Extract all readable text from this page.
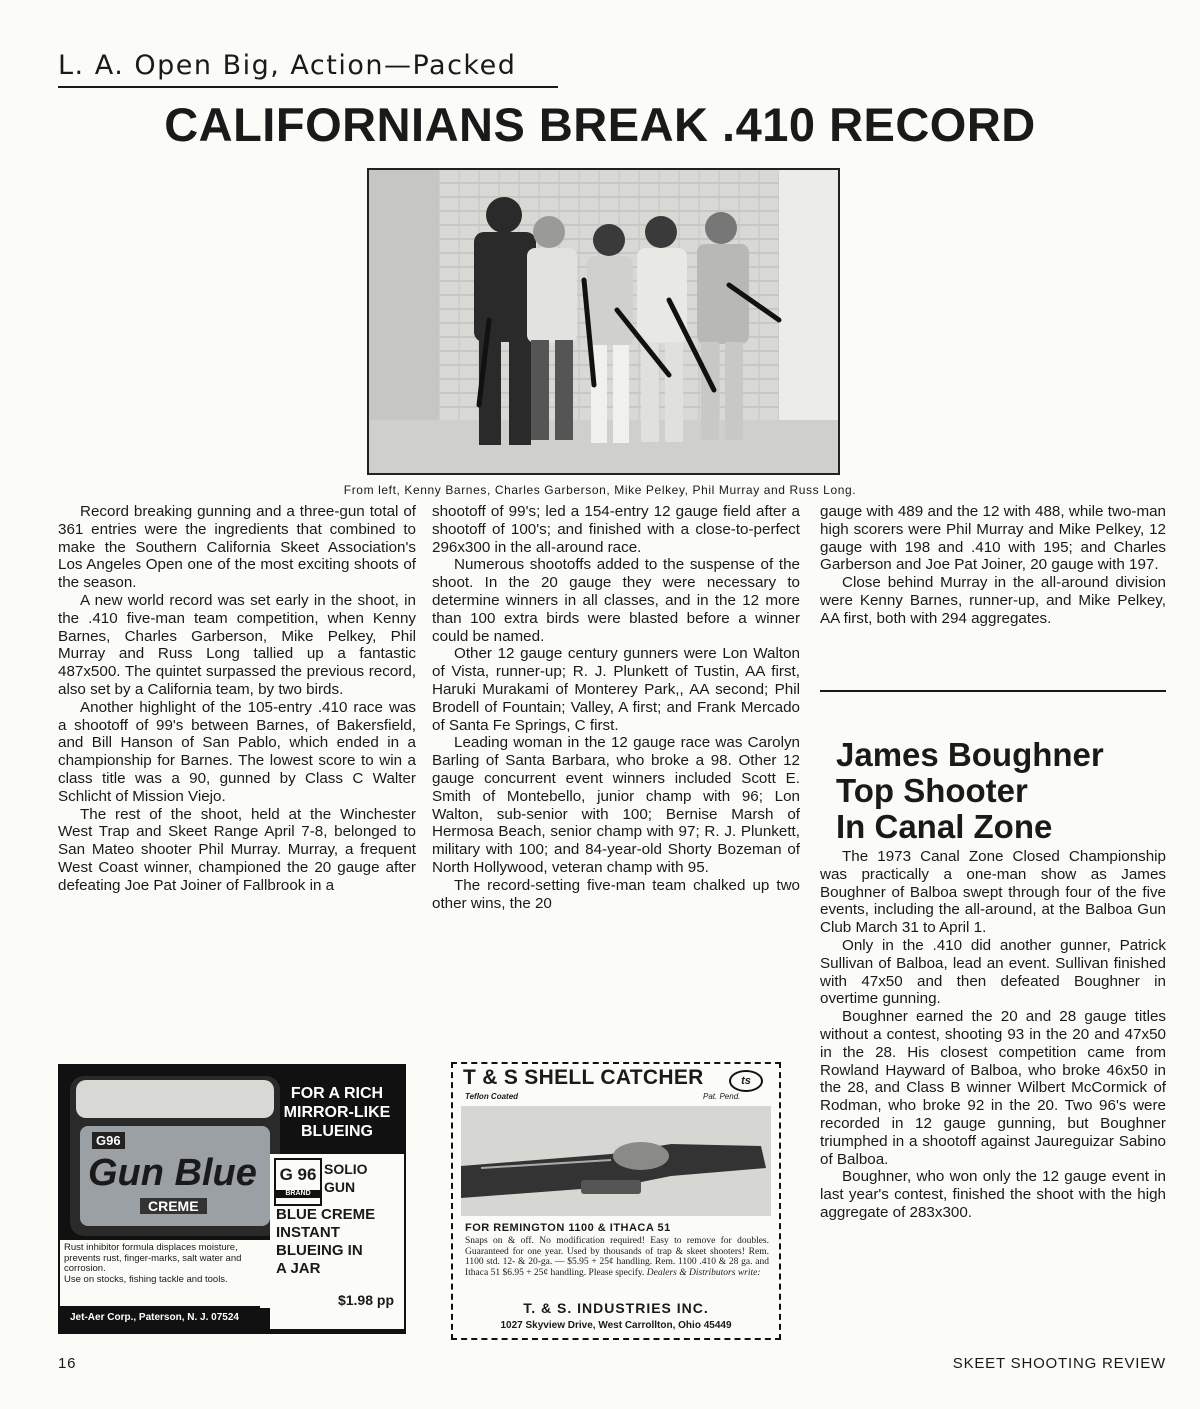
L. A. Open Big, Action—Packed
CALIFORNIANS BREAK .410 RECORD
From left, Kenny Barnes, Charles Garberson, Mike Pelkey, Phil Murray and Russ Long.

Record breaking gunning and a three-gun total of 361 entries were the ingredients that combined to make the Southern California Skeet Association's Los Angeles Open one of the most exciting shoots of the season.

A new world record was set early in the shoot, in the .410 five-man team competition, when Kenny Barnes, Charles Garberson, Mike Pelkey, Phil Murray and Russ Long tallied up a fantastic 487x500. The quintet surpassed the previous record, also set by a California team, by two birds.

Another highlight of the 105-entry .410 race was a shootoff of 99's between Barnes, of Bakersfield, and Bill Hanson of San Pablo, which ended in a championship for Barnes. The lowest score to win a class title was a 90, gunned by Class C Walter Schlicht of Mission Viejo.

The rest of the shoot, held at the Winchester West Trap and Skeet Range April 7-8, belonged to San Mateo shooter Phil Murray. Murray, a frequent West Coast winner, championed the 20 gauge after defeating Joe Pat Joiner of Fallbrook in a

shootoff of 99's; led a 154-entry 12 gauge field after a shootoff of 100's; and finished with a close-to-perfect 296x300 in the all-around race.

Numerous shootoffs added to the suspense of the shoot. In the 20 gauge they were necessary to determine winners in all classes, and in the 12 more than 100 extra birds were blasted before a winner could be named.

Other 12 gauge century gunners were Lon Walton of Vista, runner-up; R. J. Plunkett of Tustin, AA first, Haruki Murakami of Monterey Park,, AA second; Phil Brodell of Fountain; Valley, A first; and Frank Mercado of Santa Fe Springs, C first.

Leading woman in the 12 gauge race was Carolyn Barling of Santa Barbara, who broke a 98. Other 12 gauge concurrent event winners included Scott E. Smith of Montebello, junior champ with 96; Lon Walton, sub-senior with 100; Bernise Marsh of Hermosa Beach, senior champ with 97; R. J. Plunkett, military with 100; and 84-year-old Shorty Bozeman of North Hollywood, veteran champ with 95.

The record-setting five-man team chalked up two other wins, the 20

gauge with 489 and the 12 with 488, while two-man high scorers were Phil Murray and Mike Pelkey, 12 gauge with 198 and .410 with 195; and Charles Garberson and Joe Pat Joiner, 20 gauge with 197.

Close behind Murray in the all-around division were Kenny Barnes, runner-up, and Mike Pelkey, AA first, both with 294 aggregates.

James Boughner
Top Shooter
In Canal Zone

The 1973 Canal Zone Closed Championship was practically a one-man show as James Boughner of Balboa swept through four of the five events, including the all-around, at the Balboa Gun Club March 31 to April 1.

Only in the .410 did another gunner, Patrick Sullivan of Balboa, lead an event. Sullivan finished with 47x50 and then defeated Boughner in overtime gunning.

Boughner earned the 20 and 28 gauge titles without a contest, shooting 93 in the 20 and 47x50 in the 28. His closest competition came from Rowland Hayward of Balboa, who broke 46x50 in the 28, and Class B winner Wilbert McCormick of Rodman, who broke 92 in the 20. Two 96's were recorded in 12 gauge gunning, but Boughner triumphed in a shootoff against Jaureguizar Sabino of Balboa.

Boughner, who won only the 12 gauge event in last year's contest, finished the shoot with the high aggregate of 283x300.

G96
Gun Blue
CREME
FOR A RICH
MIRROR-LIKE
BLUEING
G 96
BRAND
SOLIO
GUN
BLUE CREME
INSTANT
BLUEING IN
A JAR
Rust inhibitor formula displaces moisture, prevents rust, finger-marks, salt water and corrosion.
Use on stocks, fishing tackle and tools.
$1.98 pp
Jet-Aer Corp., Paterson, N. J. 07524
T & S SHELL CATCHER	ts
Teflon Coated	Pat. Pend.
FOR REMINGTON 1100 & ITHACA 51
Snaps on & off. No modification required! Easy to remove for doubles. Guaranteed for one year. Used by thousands of trap & skeet shooters! Rem. 1100 std. 12- & 20-ga. — $5.95 + 25¢ handling. Rem. 1100 .410 & 28 ga. and Ithaca 51 $6.95 + 25¢ handling. Please specify. Dealers & Distributors write:
T. & S. INDUSTRIES INC.
1027 Skyview Drive, West Carrollton, Ohio 45449
16	SKEET SHOOTING REVIEW
